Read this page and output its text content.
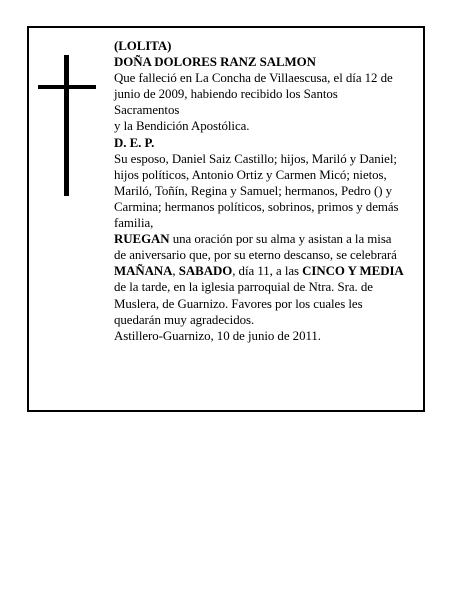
(LOLITA)

DOÑA DOLORES RANZ SALMON

Que falleció en La Concha de Villaescusa, el día 12 de

junio de 2009, habiendo recibido los Santos

Sacramentos

y la Bendición Apostólica.

D. E. P.

Su esposo, Daniel Saiz Castillo; hijos, Mariló y Daniel;

hijos políticos, Antonio Ortiz y Carmen Micó; nietos,

Mariló, Toñín, Regina y Samuel; hermanos, Pedro () y

Carmina; hermanos políticos, sobrinos, primos y demás

familia,

RUEGAN una oración por su alma y asistan a la misa

de aniversario que, por su eterno descanso, se celebrará

MAÑANA, SABADO, día 11, a las CINCO Y MEDIA

de la tarde, en la iglesia parroquial de Ntra. Sra. de

Muslera, de Guarnizo. Favores por los cuales les

quedarán muy agradecidos.

Astillero-Guarnizo, 10 de junio de 2011.
